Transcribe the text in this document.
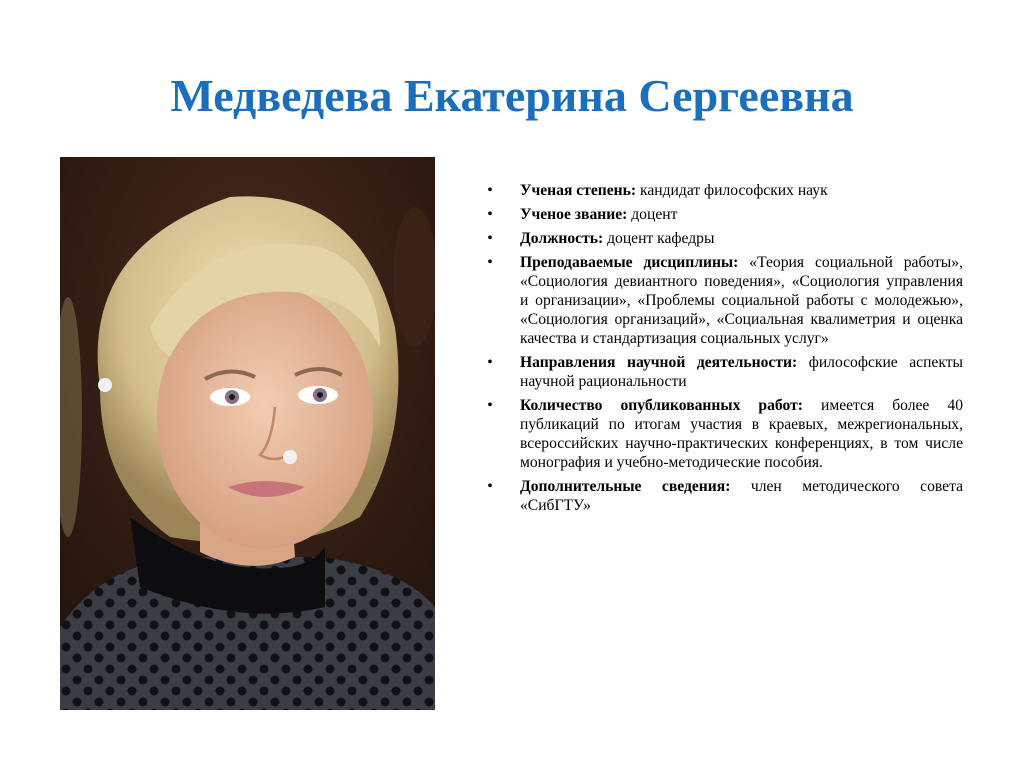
Медведева Екатерина Сергеевна
• Ученая степень: кандидат философских наук
• Ученое звание: доцент
• Должность: доцент кафедры
• Преподаваемые дисциплины: «Теория социальной работы», «Социология девиантного поведения», «Социология управления и организации», «Проблемы социальной работы с молодежью», «Социология организаций», «Социальная квалиметрия и оценка качества и стандартизация социальных услуг»
• Направления научной деятельности: философские аспекты научной рациональности
• Количество опубликованных работ: имеется более 40 публикаций по итогам участия в краевых, межрегиональных, всероссийских научно-практических конференциях, в том числе монография и учебно-методические пособия.
• Дополнительные сведения: член методического совета «СибГТУ»
